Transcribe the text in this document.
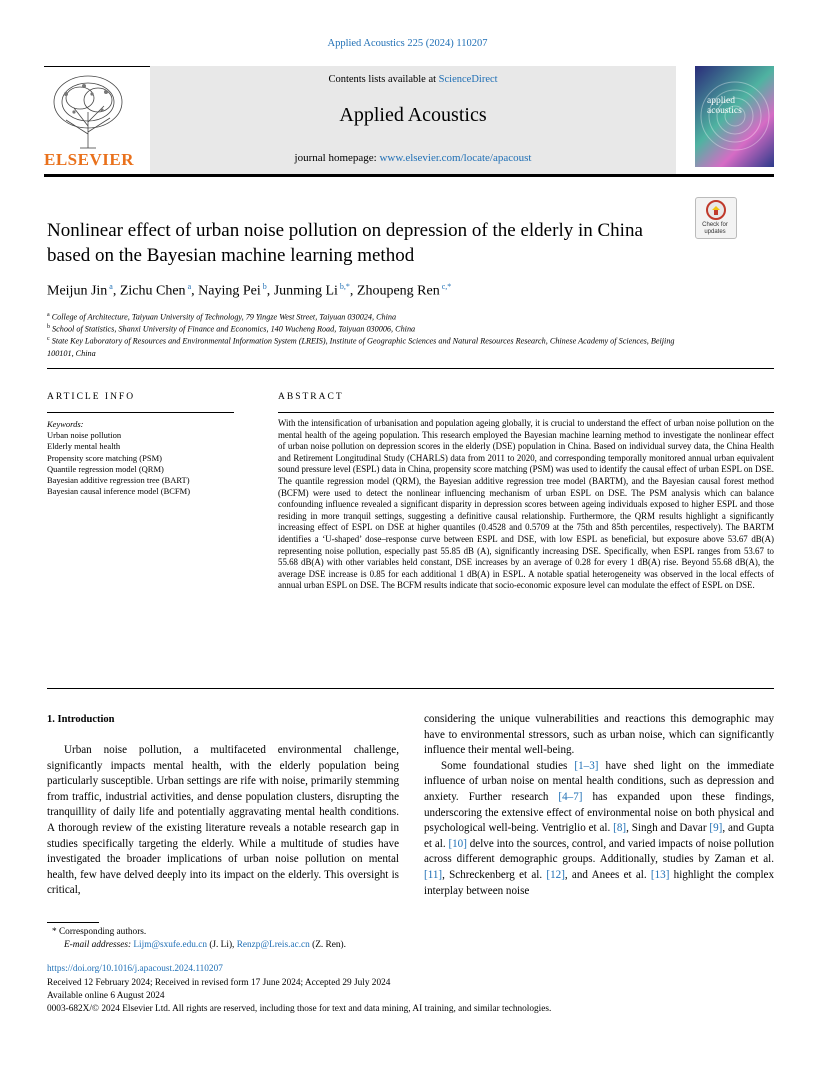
Applied Acoustics 225 (2024) 110207
Contents lists available at ScienceDirect
Applied Acoustics
journal homepage: www.elsevier.com/locate/apacoust
ELSEVIER
applied
acoustics
Check for
updates
Nonlinear effect of urban noise pollution on depression of the elderly in China based on the Bayesian machine learning method
Meijun Jin $^a$, Zichu Chen $^a$, Naying Pei $^b$, Junming Li $^{b,*}$, Zhoupeng Ren $^{c,*}$
$^a$ College of Architecture, Taiyuan University of Technology, 79 Yingze West Street, Taiyuan 030024, China
$^b$ School of Statistics, Shanxi University of Finance and Economics, 140 Wucheng Road, Taiyuan 030006, China
$^c$ State Key Laboratory of Resources and Environmental Information System (LREIS), Institute of Geographic Sciences and Natural Resources Research, Chinese Academy of Sciences, Beijing 100101, China
ARTICLE INFO	ABSTRACT
Keywords:
Urban noise pollution
Elderly mental health
Propensity score matching (PSM)
Quantile regression model (QRM)
Bayesian additive regression tree (BART)
Bayesian causal inference model (BCFM)
With the intensification of urbanisation and population ageing globally, it is crucial to understand the effect of urban noise pollution on the mental health of the ageing population. This research employed the Bayesian machine learning method to investigate the nonlinear effect of urban noise pollution on depression scores in the elderly (DSE) population in China. Based on individual survey data, the China Health and Retirement Longitudinal Study (CHARLS) data from 2011 to 2020, and corresponding temporally monitored annual urban equivalent sound pressure level (ESPL) data in China, propensity score matching (PSM) was used to identify the causal effect of urban ESPL on DSE. The quantile regression model (QRM), the Bayesian additive regression tree model (BARTM), and the Bayesian causal forest method (BCFM) were used to detect the nonlinear influencing mechanism of urban ESPL on DSE. The PSM analysis which can balance confounding influence revealed a significant disparity in depression scores between ageing individuals exposed to higher ESPL and those residing in more tranquil settings, suggesting a definitive causal relationship. Furthermore, the QRM results highlight a significantly increasing effect of ESPL on DSE at higher quantiles (0.4528 and 0.5709 at the 75th and 85th percentiles, respectively). The BARTM identifies a ‘U-shaped’ dose–response curve between ESPL and DSE, with low ESPL as beneficial, but exposure above 53.67 dB(A) representing noise pollution, especially past 55.85 dB (A), significantly increasing DSE. Specifically, when ESPL ranges from 53.67 to 55.68 dB(A) with other variables held constant, DSE increases by an average of 0.28 for every 1 dB(A) rise. Beyond 55.68 dB(A), the average DSE increase is 0.85 for each additional 1 dB(A) in ESPL. A notable spatial heterogeneity was observed in the local effects of annual urban ESPL on DSE. The BCFM results indicate that socio-economic exposure level can modulate the effect of ESPL on DSE.
1. Introduction

Urban noise pollution, a multifaceted environmental challenge, significantly impacts mental health, with the elderly population being particularly susceptible. Urban settings are rife with noise, primarily stemming from traffic, industrial activities, and dense population clusters, disrupting the tranquillity of daily life and potentially aggravating mental health conditions. A thorough review of the existing literature reveals a notable research gap in studies specifically targeting the elderly. While a multitude of studies have investigated the broader implications of urban noise pollution on mental health, few have delved deeply into its impact on the elderly. This oversight is critical,

considering the unique vulnerabilities and reactions this demographic may have to environmental stressors, such as urban noise, which can significantly influence their mental well-being.

Some foundational studies [1–3] have shed light on the immediate influence of urban noise on mental health conditions, such as depression and anxiety. Further research [4–7] has expanded upon these findings, underscoring the extensive effect of environmental noise on both physical and psychological well-being. Ventriglio et al. [8], Singh and Davar [9], and Gupta et al. [10] delve into the sources, control, and varied impacts of noise pollution across different demographic groups. Additionally, studies by Zaman et al. [11], Schreckenberg et al. [12], and Anees et al. [13] highlight the complex interplay between noise

* Corresponding authors.
E-mail addresses: Lijm@sxufe.edu.cn (J. Li), Renzp@Lreis.ac.cn (Z. Ren).
https://doi.org/10.1016/j.apacoust.2024.110207
Received 12 February 2024; Received in revised form 17 June 2024; Accepted 29 July 2024
Available online 6 August 2024
0003-682X/© 2024 Elsevier Ltd. All rights are reserved, including those for text and data mining, AI training, and similar technologies.
